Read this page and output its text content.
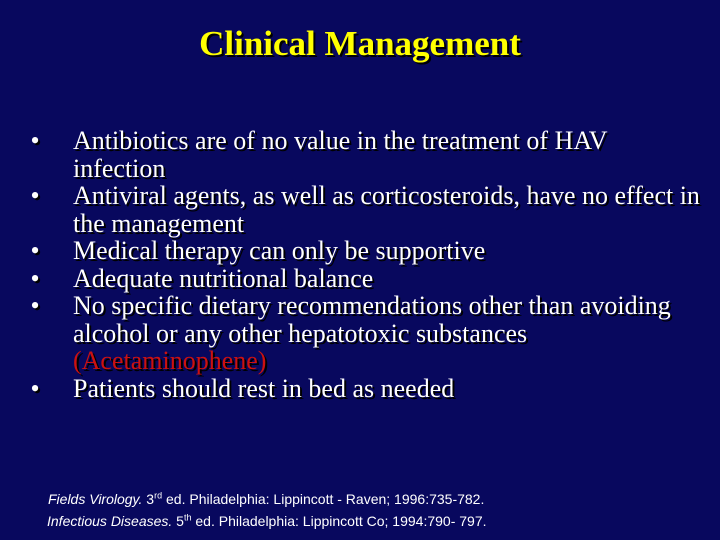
Clinical Management
• Antibiotics are of no value in the treatment of HAV infection
• Antiviral agents, as well as corticosteroids, have no effect in the management
• Medical therapy can only be supportive
• Adequate nutritional balance
• No specific dietary recommendations other than avoiding alcohol or any other hepatotoxic substances (Acetaminophene)
• Patients should rest in bed as needed
Fields Virology. 3rd ed. Philadelphia: Lippincott - Raven; 1996:735-782.
Infectious Diseases. 5th ed. Philadelphia: Lippincott Co; 1994:790- 797.
